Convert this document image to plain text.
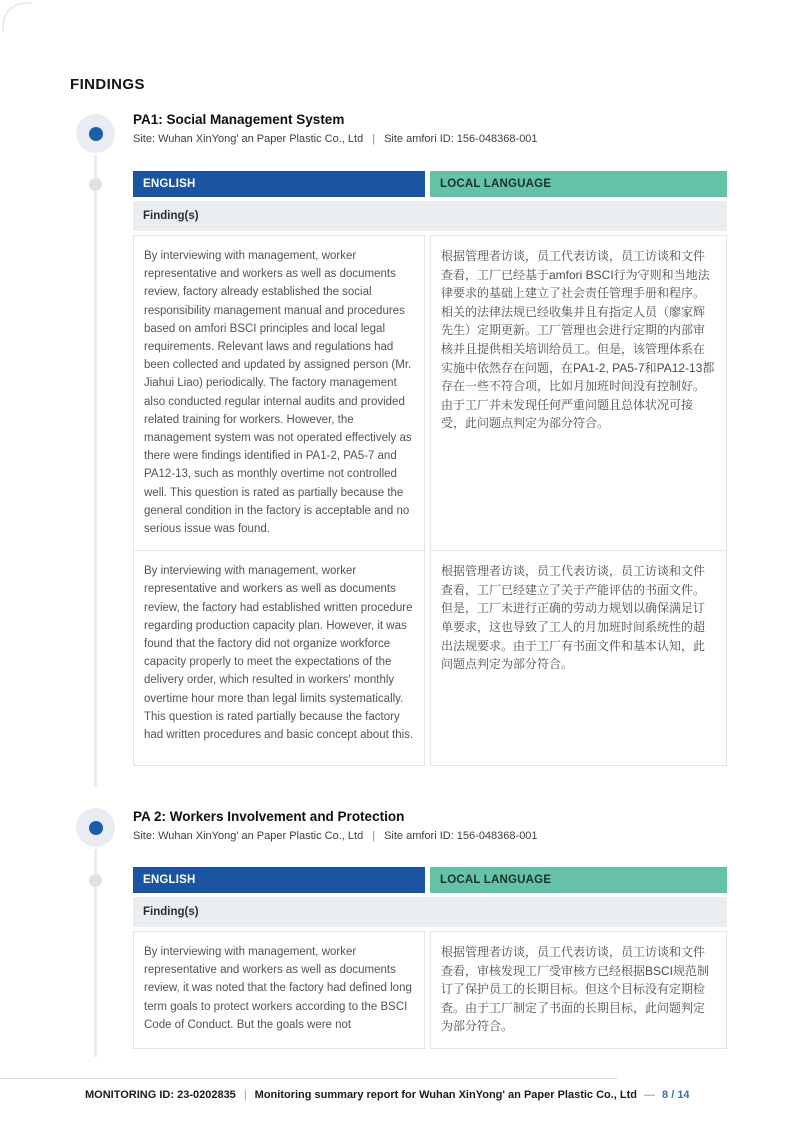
FINDINGS
PA1: Social Management System
Site: Wuhan XinYong' an Paper Plastic Co., Ltd | Site amfori ID: 156-048368-001
ENGLISH	LOCAL LANGUAGE
Finding(s)
By interviewing with management, worker representative and workers as well as documents review, factory already established the social responsibility management manual and procedures based on amfori BSCI principles and local legal requirements. Relevant laws and regulations had been collected and updated by assigned person (Mr. Jiahui Liao) periodically. The factory management also conducted regular internal audits and provided related training for workers. However, the management system was not operated effectively as there were findings identified in PA1-2, PA5-7 and PA12-13, such as monthly overtime not controlled well. This question is rated as partially because the general condition in the factory is acceptable and no serious issue was found.
根据管理者访谈，员工代表访谈，员工访谈和文件查看，工厂已经基于amfori BSCI行为守则和当地法律要求的基础上建立了社会责任管理手册和程序。相关的法律法规已经收集并且有指定人员（廖家辉先生）定期更新。工厂管理也会进行定期的内部审核并且提供相关培训给员工。但是，该管理体系在实施中依然存在问题，在PA1-2, PA5-7和PA12-13都存在一些不符合项，比如月加班时间没有控制好。由于工厂并未发现任何严重问题且总体状况可接受，此问题点判定为部分符合。
By interviewing with management, worker representative and workers as well as documents review, the factory had established written procedure regarding production capacity plan. However, it was found that the factory did not organize workforce capacity properly to meet the expectations of the delivery order, which resulted in workers' monthly overtime hour more than legal limits systematically. This question is rated partially because the factory had written procedures and basic concept about this.
根据管理者访谈，员工代表访谈，员工访谈和文件查看，工厂已经建立了关于产能评估的书面文件。但是，工厂未进行正确的劳动力规划以确保满足订单要求，这也导致了工人的月加班时间系统性的超出法规要求。由于工厂有书面文件和基本认知，此问题点判定为部分符合。
PA 2: Workers Involvement and Protection
Site: Wuhan XinYong' an Paper Plastic Co., Ltd | Site amfori ID: 156-048368-001
ENGLISH	LOCAL LANGUAGE
Finding(s)
By interviewing with management, worker representative and workers as well as documents review, it was noted that the factory had defined long term goals to protect workers according to the BSCI Code of Conduct. But the goals were not
根据管理者访谈，员工代表访谈，员工访谈和文件查看，审核发现工厂受审核方已经根据BSCI规范制订了保护员工的长期目标。但这个目标没有定期检查。由于工厂制定了书面的长期目标，此问题判定为部分符合。
MONITORING ID: 23-0202835 | Monitoring summary report for Wuhan XinYong' an Paper Plastic Co., Ltd — 8 / 14
